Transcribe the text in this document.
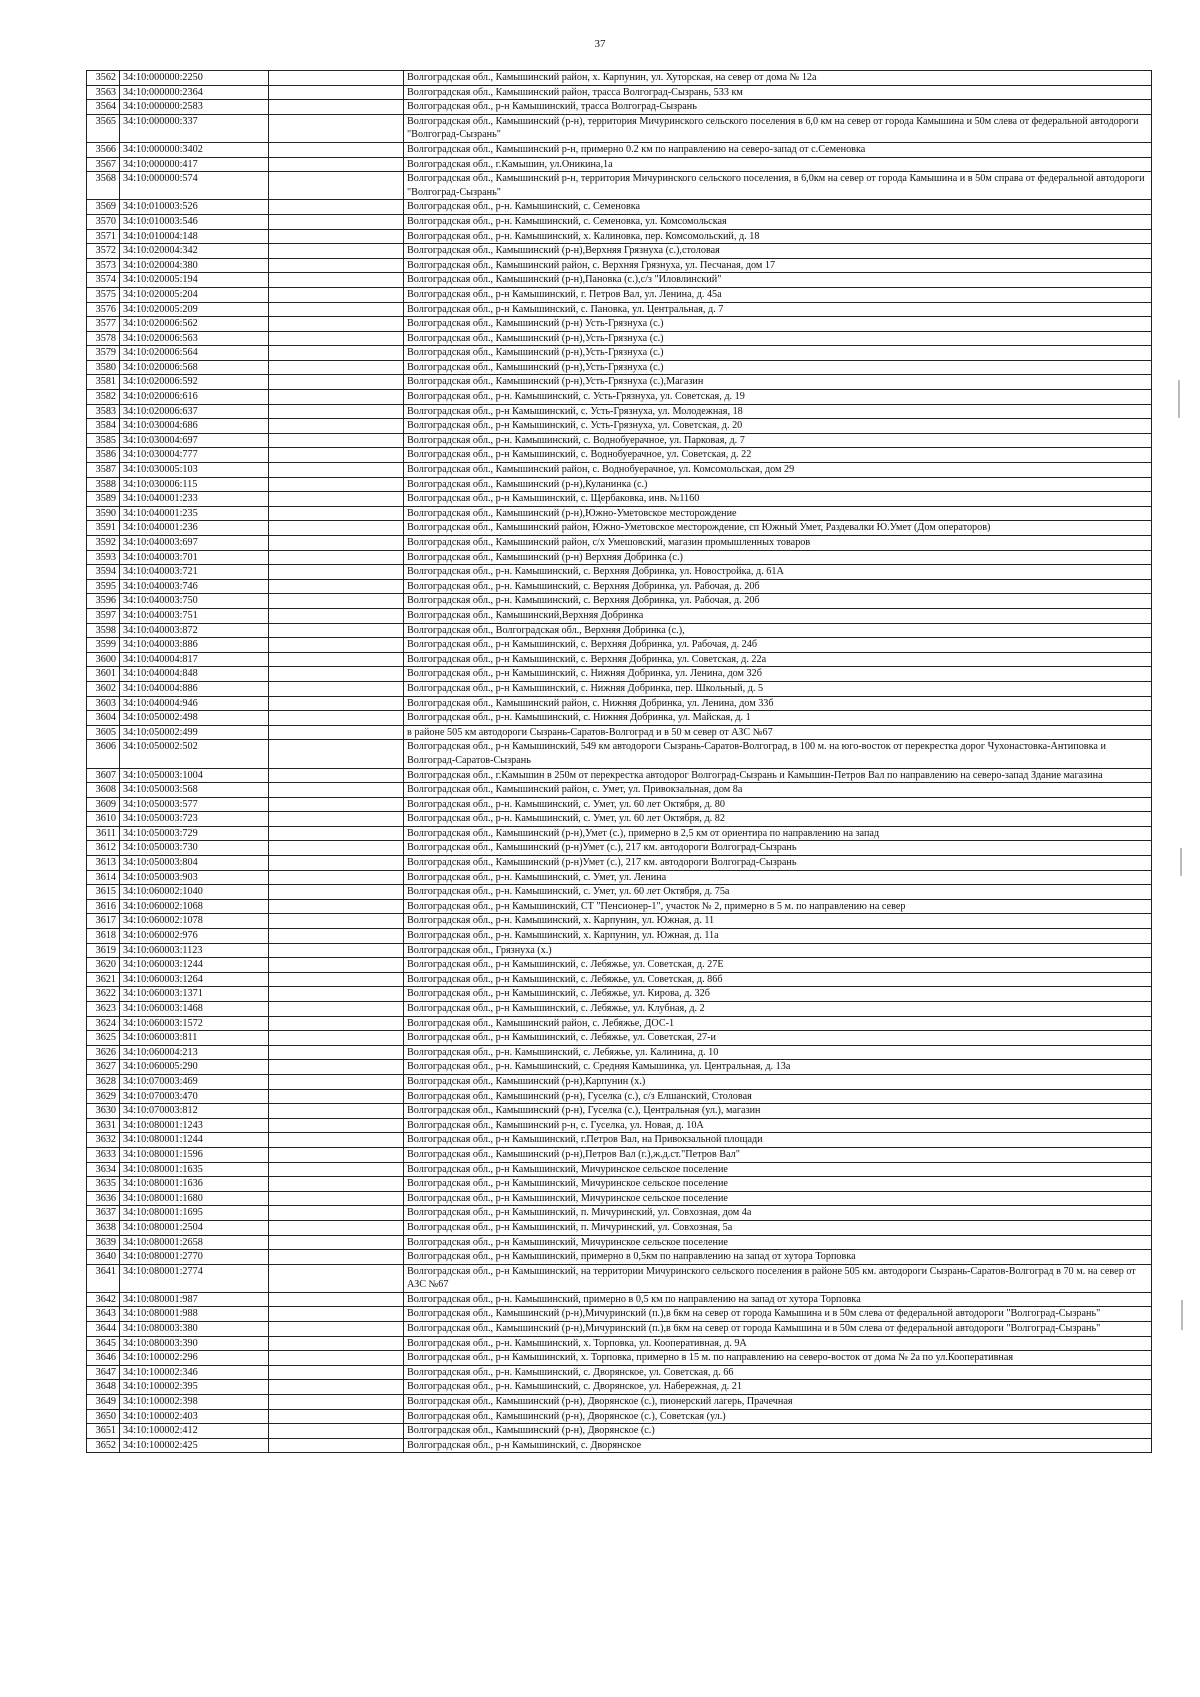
37
3562	34:10:000000:2250		Волгоградская обл., Камышинский район, х. Карпунин, ул. Хуторская, на север от дома № 12а
3563	34:10:000000:2364		Волгоградская обл., Камышинский район, трасса Волгоград-Сызрань, 533 км
3564	34:10:000000:2583		Волгоградская обл., р-н Камышинский, трасса Волгоград-Сызрань
3565	34:10:000000:337		Волгоградская обл., Камышинский (р-н), территория Мичуринского сельского поселения в 6,0 км на север от города Камышина и 50м слева от федеральной автодороги "Волгоград-Сызрань"
3566	34:10:000000:3402		Волгоградская обл., Камышинский р-н, примерно 0.2 км по направлению на северо-запад от с.Семеновка
3567	34:10:000000:417		Волгоградская обл., г.Камышин, ул.Оникина,1а
3568	34:10:000000:574		Волгоградская обл., Камышинский р-н, территория Мичуринского сельского поселения, в 6,0км на север от города Камышина и в 50м справа от федеральной автодороги "Волгоград-Сызрань"
3569	34:10:010003:526		Волгоградская обл., р-н. Камышинский, с. Семеновка
3570	34:10:010003:546		Волгоградская обл., р-н. Камышинский, с. Семеновка, ул. Комсомольская
3571	34:10:010004:148		Волгоградская обл., р-н. Камышинский, х. Калиновка, пер. Комсомольский, д. 18
3572	34:10:020004:342		Волгоградская обл., Камышинский (р-н),Верхняя Грязнуха (с.),столовая
3573	34:10:020004:380		Волгоградская обл., Камышинский район, с. Верхняя Грязнуха, ул. Песчаная, дом 17
3574	34:10:020005:194		Волгоградская обл., Камышинский (р-н),Пановка (с.),с/з "Иловлинский"
3575	34:10:020005:204		Волгоградская обл., р-н Камышинский, г. Петров Вал, ул. Ленина, д. 45а
3576	34:10:020005:209		Волгоградская обл., р-н Камышинский, с. Пановка, ул. Центральная, д. 7
3577	34:10:020006:562		Волгоградская обл., Камышинский (р-н) Усть-Грязнуха (с.)
3578	34:10:020006:563		Волгоградская обл., Камышинский (р-н),Усть-Грязнуха (с.)
3579	34:10:020006:564		Волгоградская обл., Камышинский (р-н),Усть-Грязнуха (с.)
3580	34:10:020006:568		Волгоградская обл., Камышинский (р-н),Усть-Грязнуха (с.)
3581	34:10:020006:592		Волгоградская обл., Камышинский (р-н),Усть-Грязнуха (с.),Магазин
3582	34:10:020006:616		Волгоградская обл., р-н. Камышинский, с. Усть-Грязнуха, ул. Советская, д. 19
3583	34:10:020006:637		Волгоградская обл., р-н Камышинский, с. Усть-Грязнуха, ул. Молодежная, 18
3584	34:10:030004:686		Волгоградская обл., р-н Камышинский, с. Усть-Грязнуха, ул. Советская, д. 20
3585	34:10:030004:697		Волгоградская обл., р-н. Камышинский, с. Воднобуерачное, ул. Парковая, д. 7
3586	34:10:030004:777		Волгоградская обл., р-н Камышинский, с. Воднобуерачное, ул. Советская, д. 22
3587	34:10:030005:103		Волгоградская обл., Камышинский район, с. Воднобуерачное, ул. Комсомольская, дом 29
3588	34:10:030006:115		Волгоградская обл., Камышинский (р-н),Куланинка (с.)
3589	34:10:040001:233		Волгоградская обл., р-н Камышинский, с. Щербаковка, инв. №1160
3590	34:10:040001:235		Волгоградская обл., Камышинский (р-н),Южно-Уметовское месторождение
3591	34:10:040001:236		Волгоградская обл., Камышинский район, Южно-Уметовское месторождение, сп Южный Умет, Раздевалки Ю.Умет (Дом операторов)
3592	34:10:040003:697		Волгоградская обл., Камышинский район, с/х Умешовский, магазин промышленных товаров
3593	34:10:040003:701		Волгоградская обл., Камышинский (р-н) Верхняя Добринка (с.)
3594	34:10:040003:721		Волгоградская обл., р-н. Камышинский, с. Верхняя Добринка, ул. Новостройка, д. 61А
3595	34:10:040003:746		Волгоградская обл., р-н. Камышинский, с. Верхняя Добринка, ул. Рабочая, д. 20б
3596	34:10:040003:750		Волгоградская обл., р-н. Камышинский, с. Верхняя Добринка, ул. Рабочая, д. 20б
3597	34:10:040003:751		Волгоградская обл., Камышинский,Верхняя Добринка
3598	34:10:040003:872		Волгоградская обл., Волгоградская обл., Верхняя Добринка (с.),
3599	34:10:040003:886		Волгоградская обл., р-н Камышинский, с. Верхняя Добринка, ул. Рабочая, д. 24б
3600	34:10:040004:817		Волгоградская обл., р-н Камышинский, с. Верхняя Добринка, ул. Советская, д. 22а
3601	34:10:040004:848		Волгоградская обл., р-н Камышинский, с. Нижняя Добринка, ул. Ленина, дом 32б
3602	34:10:040004:886		Волгоградская обл., р-н Камышинский, с. Нижняя Добринка, пер. Школьный, д. 5
3603	34:10:040004:946		Волгоградская обл., Камышинский район, с. Нижняя Добринка, ул. Ленина, дом 33б
3604	34:10:050002:498		Волгоградская обл., р-н. Камышинский, с. Нижняя Добринка, ул. Майская, д. 1
3605	34:10:050002:499		в районе 505 км автодороги Сызрань-Саратов-Волгоград и в 50 м север от АЗС №67
3606	34:10:050002:502		Волгоградская обл., р-н Камышинский, 549 км автодороги Сызрань-Саратов-Волгоград, в 100 м. на юго-восток от перекрестка дорог Чухонастовка-Антиповка и Волгоград-Саратов-Сызрань
3607	34:10:050003:1004		Волгоградская обл., г.Камышин в 250м от перекрестка автодорог Волгоград-Сызрань и Камышин-Петров Вал по направлению на северо-запад Здание магазина
3608	34:10:050003:568		Волгоградская обл., Камышинский район, с. Умет, ул. Привокзальная, дом 8а
3609	34:10:050003:577		Волгоградская обл., р-н. Камышинский, с. Умет, ул. 60 лет Октября, д. 80
3610	34:10:050003:723		Волгоградская обл., р-н. Камышинский, с. Умет, ул. 60 лет Октября, д. 82
3611	34:10:050003:729		Волгоградская обл., Камышинский (р-н),Умет (с.), примерно в 2,5 км от ориентира по направлению на запад
3612	34:10:050003:730		Волгоградская обл., Камышинский (р-н)Умет (с.), 217 км. автодороги Волгоград-Сызрань
3613	34:10:050003:804		Волгоградская обл., Камышинский (р-н)Умет (с.), 217 км. автодороги Волгоград-Сызрань
3614	34:10:050003:903		Волгоградская обл., р-н. Камышинский, с. Умет, ул. Ленина
3615	34:10:060002:1040		Волгоградская обл., р-н. Камышинский, с. Умет, ул. 60 лет Октября, д. 75а
3616	34:10:060002:1068		Волгоградская обл., р-н Камышинский, СТ "Пенсионер-1", участок № 2, примерно в 5 м. по направлению на север
3617	34:10:060002:1078		Волгоградская обл., р-н. Камышинский, х. Карпунин, ул. Южная, д. 11
3618	34:10:060002:976		Волгоградская обл., р-н. Камышинский, х. Карпунин, ул. Южная, д. 11а
3619	34:10:060003:1123		Волгоградская обл., Грязнуха (х.)
3620	34:10:060003:1244		Волгоградская обл., р-н Камышинский, с. Лебяжье, ул. Советская, д. 27Е
3621	34:10:060003:1264		Волгоградская обл., р-н Камышинский, с. Лебяжье, ул. Советская, д. 86б
3622	34:10:060003:1371		Волгоградская обл., р-н Камышинский, с. Лебяжье, ул. Кирова, д. 32б
3623	34:10:060003:1468		Волгоградская обл., р-н Камышинский, с. Лебяжье, ул. Клубная, д. 2
3624	34:10:060003:1572		Волгоградская обл., Камышинский район, с. Лебяжье, ДОС-1
3625	34:10:060003:811		Волгоградская обл., р-н Камышинский, с. Лебяжье, ул. Советская, 27-и
3626	34:10:060004:213		Волгоградская обл., р-н. Камышинский, с. Лебяжье, ул. Калинина, д. 10
3627	34:10:060005:290		Волгоградская обл., р-н. Камышинский, с. Средняя Камышинка, ул. Центральная, д. 13а
3628	34:10:070003:469		Волгоградская обл., Камышинский (р-н),Карпунин (х.)
3629	34:10:070003:470		Волгоградская обл., Камышинский (р-н), Гуселка (с.), с/з Елшанский, Столовая
3630	34:10:070003:812		Волгоградская обл., Камышинский (р-н), Гуселка (с.), Центральная (ул.), магазин
3631	34:10:080001:1243		Волгоградская обл., Камышинский р-н, с. Гуселка, ул. Новая, д. 10А
3632	34:10:080001:1244		Волгоградская обл., р-н Камышинский, г.Петров Вал, на Привокзальной площади
3633	34:10:080001:1596		Волгоградская обл., Камышинский (р-н),Петров Вал (г.),ж.д.ст."Петров Вал"
3634	34:10:080001:1635		Волгоградская обл., р-н Камышинский, Мичуринское сельское поселение
3635	34:10:080001:1636		Волгоградская обл., р-н Камышинский, Мичуринское сельское поселение
3636	34:10:080001:1680		Волгоградская обл., р-н Камышинский, Мичуринское сельское поселение
3637	34:10:080001:1695		Волгоградская обл., р-н Камышинский, п. Мичуринский, ул. Совхозная, дом 4а
3638	34:10:080001:2504		Волгоградская обл., р-н Камышинский, п. Мичуринский, ул. Совхозная, 5а
3639	34:10:080001:2658		Волгоградская обл., р-н Камышинский, Мичуринское сельское поселение
3640	34:10:080001:2770		Волгоградская обл., р-н Камышинский, примерно в 0,5км по направлению на запад от хутора Торповка
3641	34:10:080001:2774		Волгоградская обл., р-н Камышинский, на территории Мичуринского сельского поселения в районе 505 км. автодороги Сызрань-Саратов-Волгоград в 70 м. на север от АЗС №67
3642	34:10:080001:987		Волгоградская обл., р-н. Камышинский, примерно в 0,5 км по направлению на запад от хутора Торповка
3643	34:10:080001:988		Волгоградская обл., Камышинский (р-н),Мичуринский (п.),в 6км на север от города Камышина и в 50м слева от федеральной автодороги "Волгоград-Сызрань"
3644	34:10:080003:380		Волгоградская обл., Камышинский (р-н),Мичуринский (п.),в 6км на север от города Камышина и в 50м слева от федеральной автодороги "Волгоград-Сызрань"
3645	34:10:080003:390		Волгоградская обл., р-н. Камышинский, х. Торповка, ул. Кооперативная, д. 9А
3646	34:10:100002:296		Волгоградская обл., р-н Камышинский, х. Торповка, примерно в 15 м. по направлению на северо-восток от дома № 2а по ул.Кооперативная
3647	34:10:100002:346		Волгоградская обл., р-н. Камышинский, с. Дворянское, ул. Советская, д. 66
3648	34:10:100002:395		Волгоградская обл., р-н. Камышинский, с. Дворянское, ул. Набережная, д. 21
3649	34:10:100002:398		Волгоградская обл., Камышинский (р-н), Дворянское (с.), пионерский лагерь, Прачечная
3650	34:10:100002:403		Волгоградская обл., Камышинский (р-н), Дворянское (с.), Советская (ул.)
3651	34:10:100002:412		Волгоградская обл., Камышинский (р-н), Дворянское (с.)
3652	34:10:100002:425		Волгоградская обл., р-н Камышинский, с. Дворянское
